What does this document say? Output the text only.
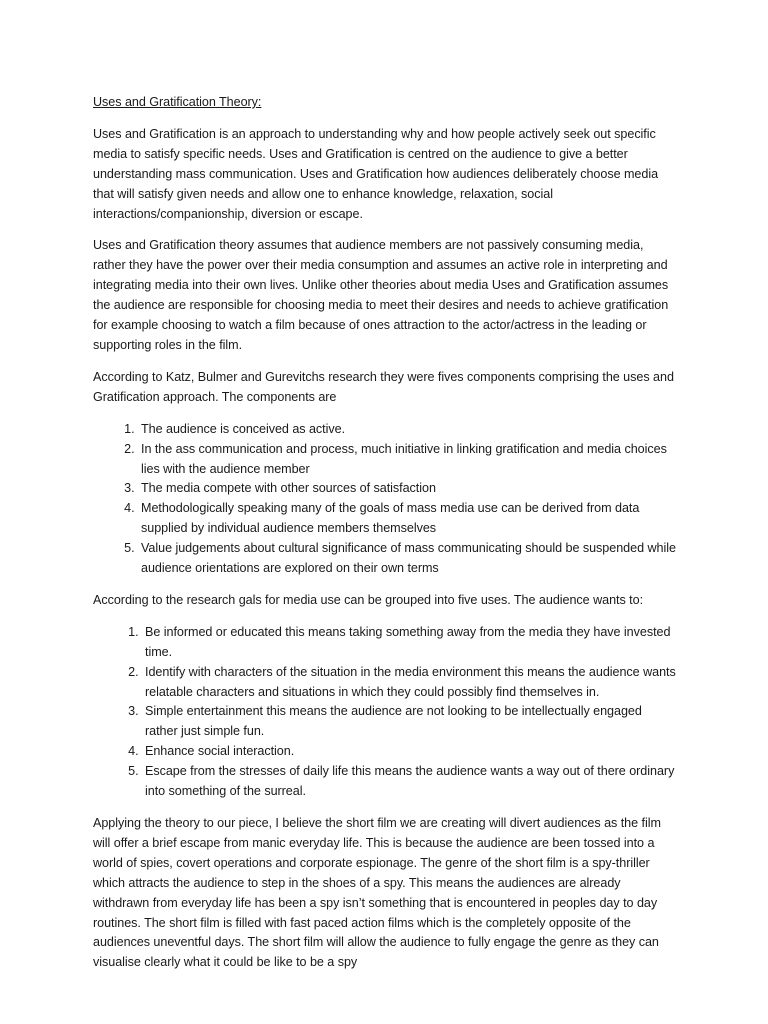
Uses and Gratification Theory:

Uses and Gratification is an approach to understanding why and how people actively seek out specific media to satisfy specific needs. Uses and Gratification is centred on the audience to give a better understanding mass communication. Uses and Gratification how audiences deliberately choose media that will satisfy given needs and allow one to enhance knowledge, relaxation, social interactions/companionship, diversion or escape.

Uses and Gratification theory assumes that audience members are not passively consuming media, rather they have the power over their media consumption and assumes an active role in interpreting and integrating media into their own lives. Unlike other theories about media Uses and Gratification assumes the audience are responsible for choosing media to meet their desires and needs to achieve gratification for example choosing to watch a film because of ones attraction to the actor/actress in the leading or supporting roles in the film.

According to Katz, Bulmer and Gurevitchs research they were fives components comprising the uses and Gratification approach. The components are

1. The audience is conceived as active.
2. In the ass communication and process, much initiative in linking gratification and media choices lies with the audience member
3. The media compete with other sources of satisfaction
4. Methodologically speaking many of the goals of mass media use can be derived from data supplied by individual audience members themselves
5. Value judgements about cultural significance of mass communicating should be suspended while audience orientations are explored on their own terms

According to the research gals for media use can be grouped into five uses. The audience wants to:

1. Be informed or educated this means taking something away from the media they have invested time.
2. Identify with characters of the situation in the media environment this means the audience wants relatable characters and situations in which they could possibly find themselves in.
3. Simple entertainment this means the audience are not looking to be intellectually engaged rather just simple fun.
4. Enhance social interaction.
5. Escape from the stresses of daily life this means the audience wants a way out of there ordinary into something of the surreal.

Applying the theory to our piece, I believe the short film we are creating will divert audiences as the film will offer a brief escape from manic everyday life. This is because the audience are been tossed into a world of spies, covert operations and corporate espionage. The genre of the short film is a spy-thriller which attracts the audience to step in the shoes of a spy. This means the audiences are already withdrawn from everyday life has been a spy isn’t something that is encountered in peoples day to day routines. The short film is filled with fast paced action films which is the completely opposite of the audiences uneventful days. The short film will allow the audience to fully engage the genre as they can visualise clearly what it could be like to be a spy
